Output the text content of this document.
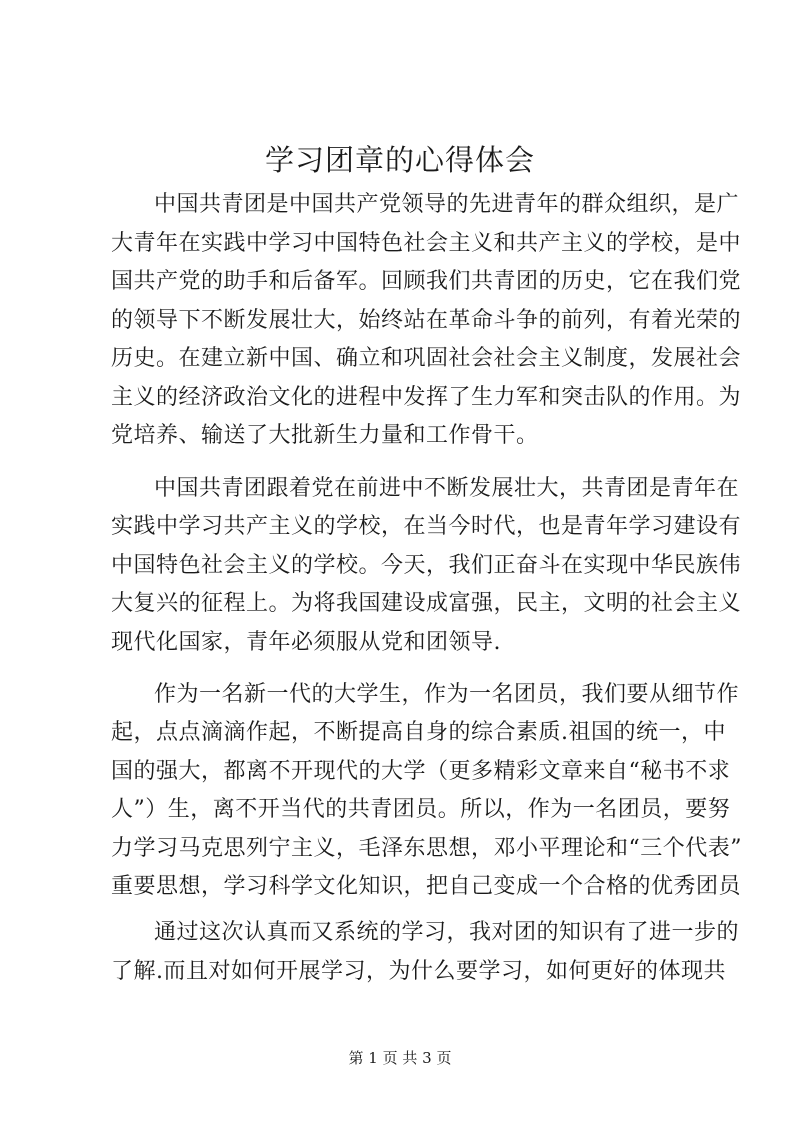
学习团章的心得体会
中国共青团是中国共产党领导的先进青年的群众组织，是广
大青年在实践中学习中国特色社会主义和共产主义的学校，是中
国共产党的助手和后备军。回顾我们共青团的历史，它在我们党
的领导下不断发展壮大，始终站在革命斗争的前列，有着光荣的
历史。在建立新中国、确立和巩固社会社会主义制度，发展社会
主义的经济政治文化的进程中发挥了生力军和突击队的作用。为
党培养、输送了大批新生力量和工作骨干。
中国共青团跟着党在前进中不断发展壮大，共青团是青年在
实践中学习共产主义的学校，在当今时代，也是青年学习建设有
中国特色社会主义的学校。今天，我们正奋斗在实现中华民族伟
大复兴的征程上。为将我国建设成富强，民主，文明的社会主义
现代化国家，青年必须服从党和团领导.
作为一名新一代的大学生，作为一名团员，我们要从细节作
起，点点滴滴作起，不断提高自身的综合素质.祖国的统一，中
国的强大，都离不开现代的大学（更多精彩文章来自“秘书不求
人”）生，离不开当代的共青团员。所以，作为一名团员，要努
力学习马克思列宁主义，毛泽东思想，邓小平理论和“三个代表”
重要思想，学习科学文化知识，把自己变成一个合格的优秀团员
通过这次认真而又系统的学习，我对团的知识有了进一步的
了解.而且对如何开展学习，为什么要学习，如何更好的体现共
第 1 页 共 3 页
